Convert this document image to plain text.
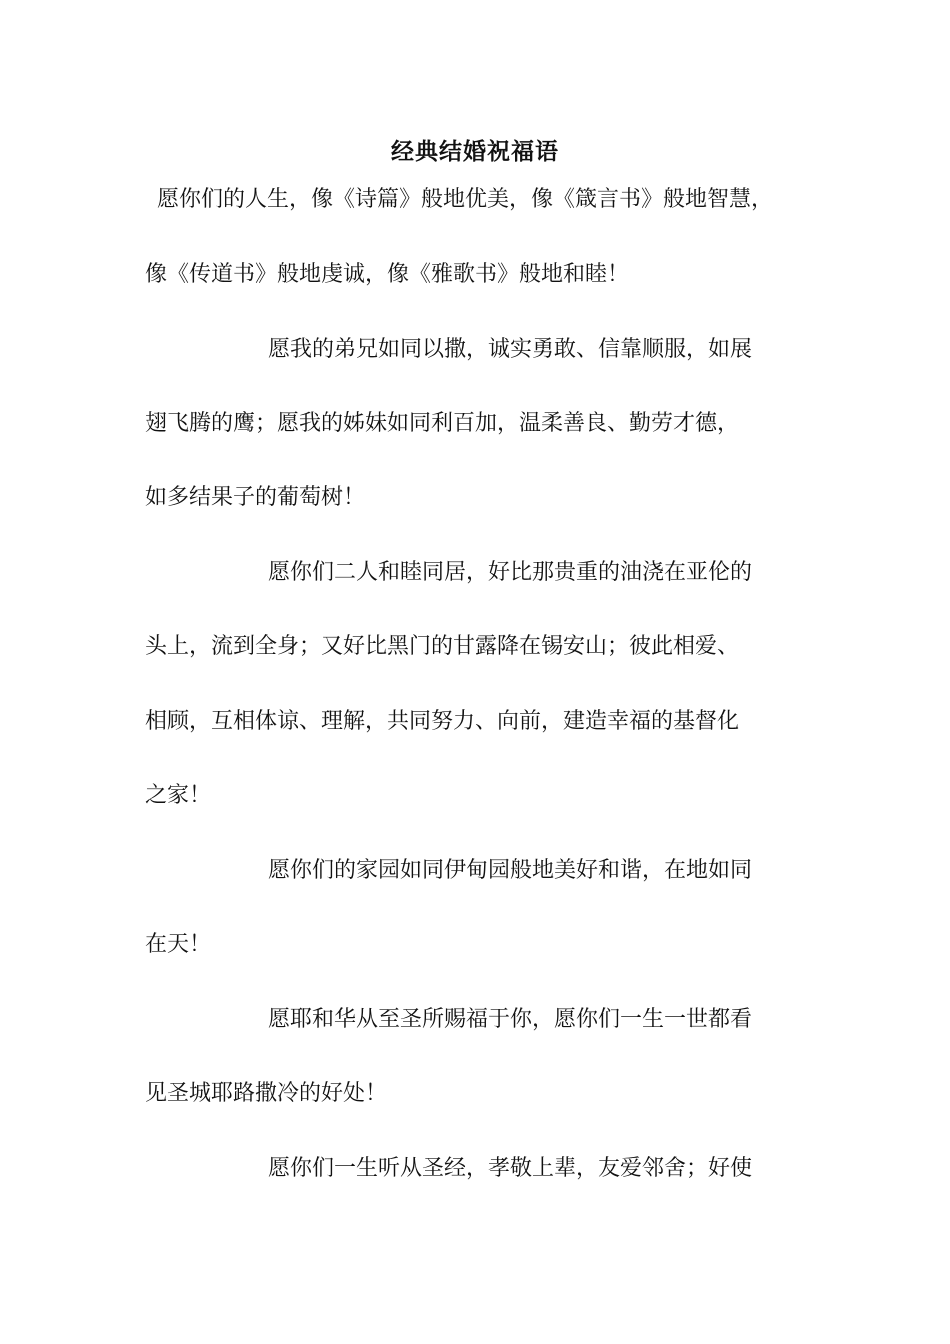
经典结婚祝福语
愿你们的人生，像《诗篇》般地优美，像《箴言书》般地智慧，
像《传道书》般地虔诚，像《雅歌书》般地和睦！
愿我的弟兄如同以撒，诚实勇敢、信靠顺服，如展
翅飞腾的鹰；愿我的姊妹如同利百加，温柔善良、勤劳才德，
如多结果子的葡萄树！
愿你们二人和睦同居，好比那贵重的油浇在亚伦的
头上，流到全身；又好比黑门的甘露降在锡安山；彼此相爱、
相顾，互相体谅、理解，共同努力、向前，建造幸福的基督化
之家！
愿你们的家园如同伊甸园般地美好和谐，在地如同
在天！
愿耶和华从至圣所赐福于你，愿你们一生一世都看
见圣城耶路撒冷的好处！
愿你们一生听从圣经，孝敬上辈，友爱邻舍；好使
